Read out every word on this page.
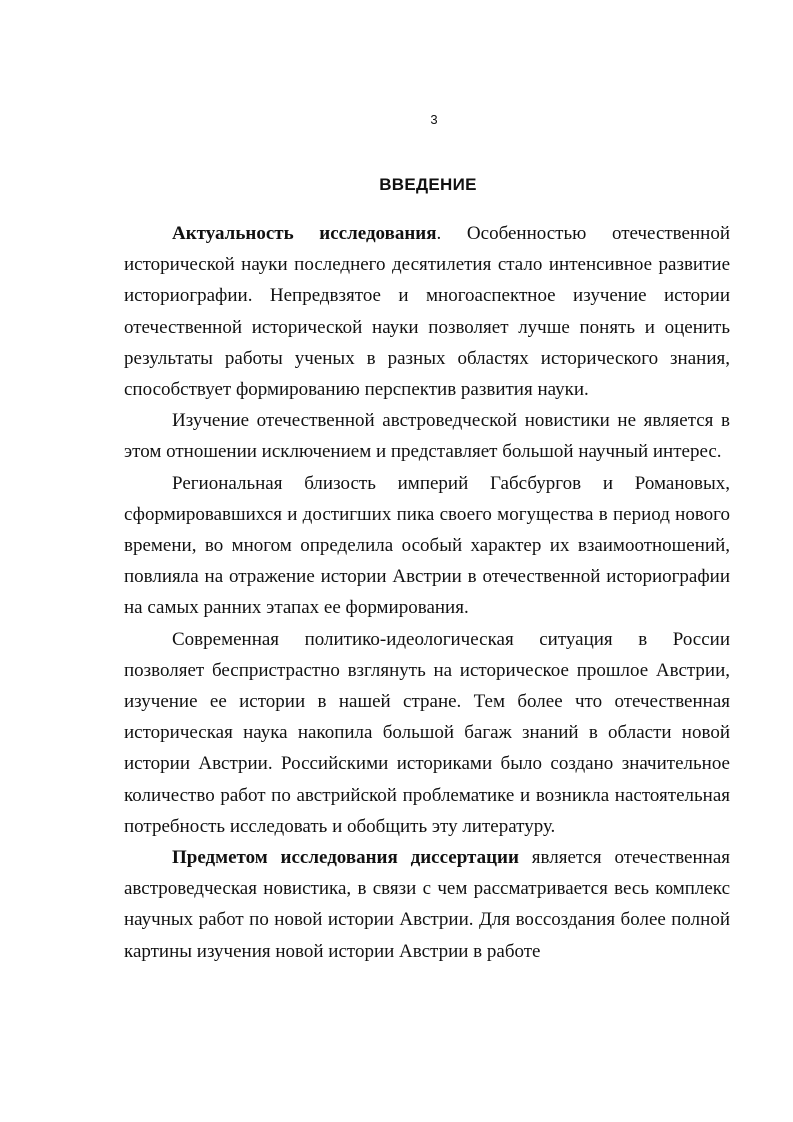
3
ВВЕДЕНИЕ

Актуальность исследования. Особенностью отечественной исторической науки последнего десятилетия стало интенсивное развитие историографии. Непредвзятое и многоаспектное изучение истории отечественной исторической науки позволяет лучше понять и оценить результаты работы ученых в разных областях исторического знания, способствует формированию перспектив развития науки.

Изучение отечественной австроведческой новистики не является в этом отношении исключением и представляет большой научный интерес.

Региональная близость империй Габсбургов и Романовых, сформировавшихся и достигших пика своего могущества в период нового времени, во многом определила особый характер их взаимоотношений, повлияла на отражение истории Австрии в отечественной историографии на самых ранних этапах ее формирования.

Современная политико-идеологическая ситуация в России позволяет беспристрастно взглянуть на историческое прошлое Австрии, изучение ее истории в нашей стране. Тем более что отечественная историческая наука накопила большой багаж знаний в области новой истории Австрии. Российскими историками было создано значительное количество работ по австрийской проблематике и возникла настоятельная потребность исследовать и обобщить эту литературу.

Предметом исследования диссертации является отечественная австроведческая новистика, в связи с чем рассматривается весь комплекс научных работ по новой истории Австрии. Для воссоздания более полной картины изучения новой истории Австрии в работе
